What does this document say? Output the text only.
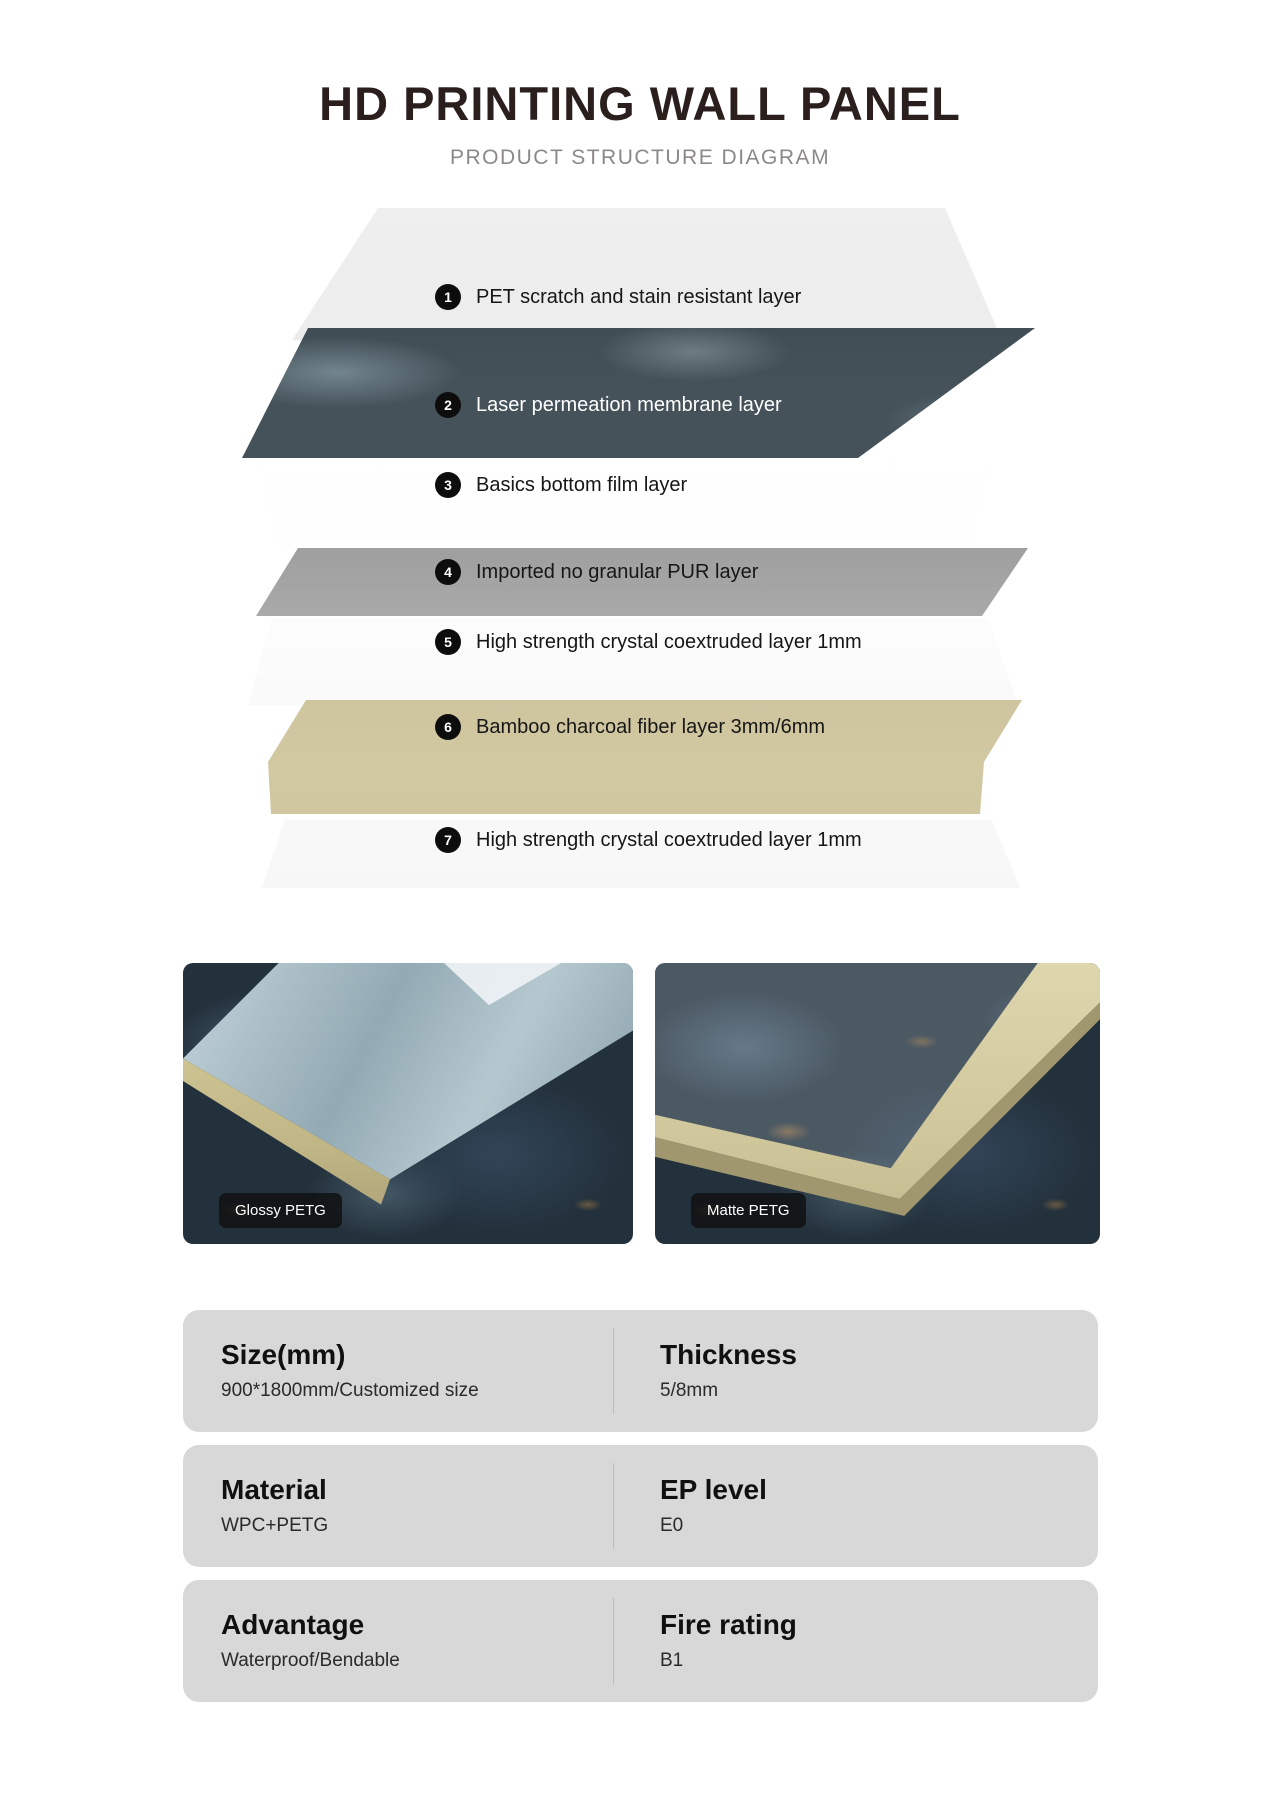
HD PRINTING WALL PANEL
PRODUCT STRUCTURE DIAGRAM
1	PET scratch and stain resistant layer
2	Laser permeation membrane layer
3	Basics bottom film layer
4	Imported no granular PUR layer
5	High strength crystal coextruded layer 1mm
6	Bamboo charcoal fiber layer 3mm/6mm
7	High strength crystal coextruded layer 1mm
Glossy PETG	Matte PETG
Size(mm)
900*1800mm/Customized size
Thickness
5/8mm
Material
WPC+PETG
EP level
E0
Advantage
Waterproof/Bendable
Fire rating
B1
